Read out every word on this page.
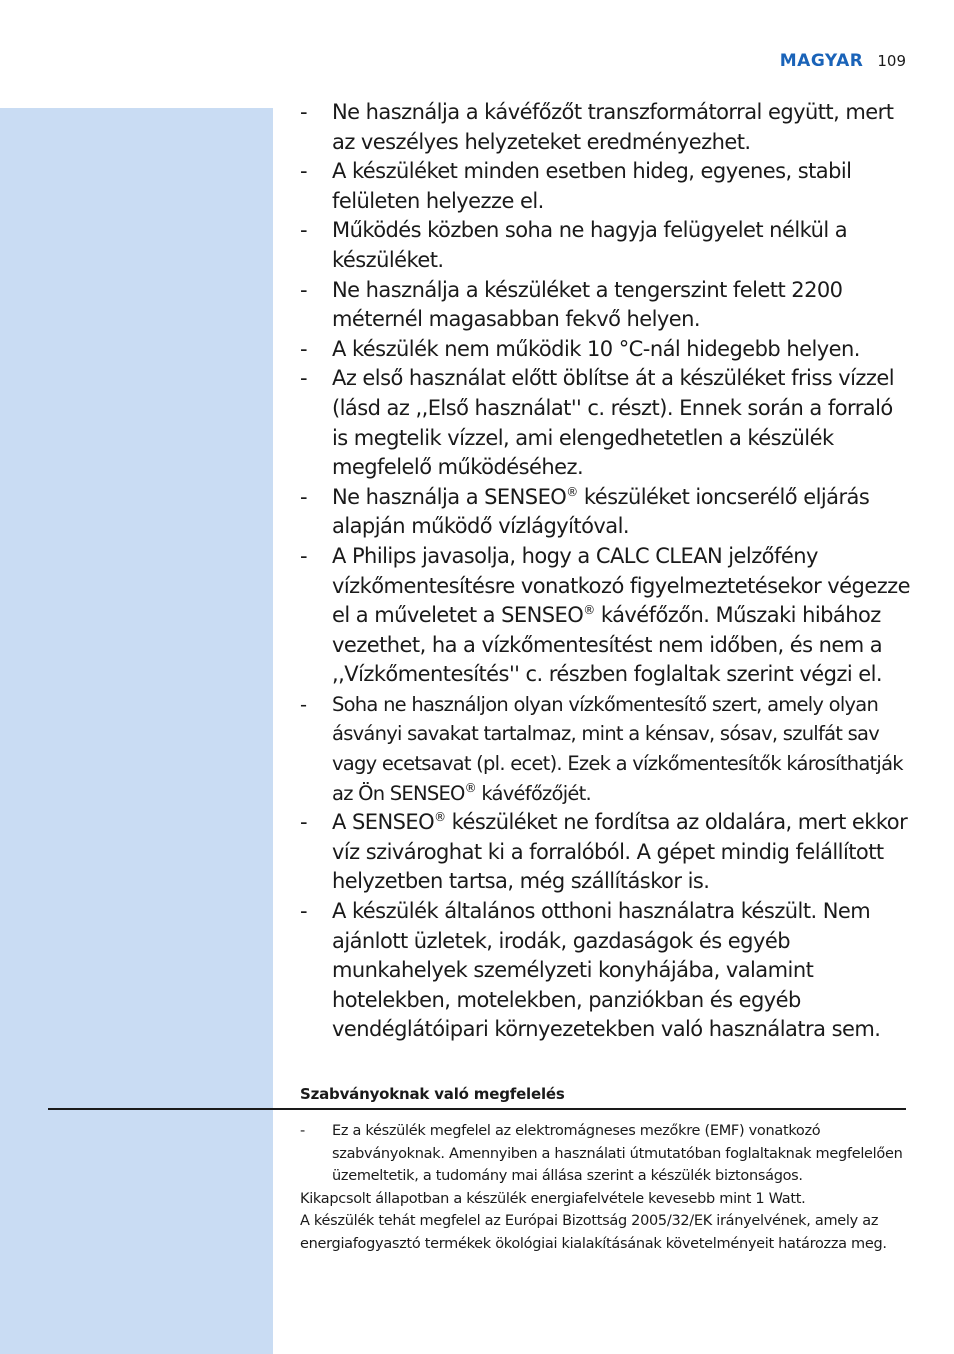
MAGYAR 109
- Ne használja a kávéfőzőt transzformátorral együtt, mert az veszélyes helyzeteket eredményezhet.
- A készüléket minden esetben hideg, egyenes, stabil felületen helyezze el.
- Működés közben soha ne hagyja felügyelet nélkül a készüléket.
- Ne használja a készüléket a tengerszint felett 2200 méternél magasabban fekvő helyen.
- A készülék nem működik 10 °C-nál hidegebb helyen.
- Az első használat előtt öblítse át a készüléket friss vízzel (lásd az ,,Első használat'' c. részt). Ennek során a forraló is megtelik vízzel, ami elengedhetetlen a készülék megfelelő működéséhez.
- Ne használja a SENSEO® készüléket ioncserélő eljárás alapján működő vízlágyítóval.
- A Philips javasolja, hogy a CALC CLEAN jelzőfény vízkőmentesítésre vonatkozó figyelmeztetésekor végezze el a műveletet a SENSEO® kávéfőzőn. Műszaki hibához vezethet, ha a vízkőmentesítést nem időben, és nem a ,,Vízkőmentesítés'' c. részben foglaltak szerint végzi el.
- Soha ne használjon olyan vízkőmentesítő szert, amely olyan ásványi savakat tartalmaz, mint a kénsav, sósav, szulfát sav vagy ecetsavat (pl. ecet). Ezek a vízkőmentesítők károsíthatják az Ön SENSEO® kávéfőzőjét.
- A SENSEO® készüléket ne fordítsa az oldalára, mert ekkor víz szivároghat ki a forralóból. A gépet mindig felállított helyzetben tartsa, még szállításkor is.
- A készülék általános otthoni használatra készült. Nem ajánlott üzletek, irodák, gazdaságok és egyéb munkahelyek személyzeti konyhájába, valamint hotelekben, motelekben, panziókban és egyéb vendéglátóipari környezetekben való használatra sem.
Szabványoknak való megfelelés
- Ez a készülék megfelel az elektromágneses mezőkre (EMF) vonatkozó szabványoknak. Amennyiben a használati útmutatóban foglaltaknak megfelelően üzemeltetik, a tudomány mai állása szerint a készülék biztonságos.

Kikapcsolt állapotban a készülék energiafelvétele kevesebb mint 1 Watt.

A készülék tehát megfelel az Európai Bizottság 2005/32/EK irányelvének, amely az energiafogyasztó termékek ökológiai kialakításának követelményeit határozza meg.
